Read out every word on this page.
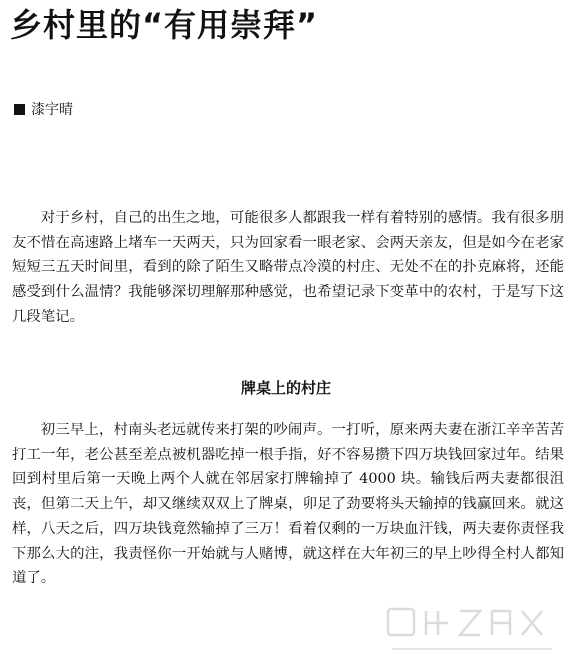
乡村里的“有用崇拜”
漆宇晴

对于乡村，自己的出生之地，可能很多人都跟我一样有着特别的感情。我有很多朋友不惜在高速路上堵车一天两天，只为回家看一眼老家、会两天亲友，但是如今在老家短短三五天时间里，看到的除了陌生又略带点冷漠的村庄、无处不在的扑克麻将，还能感受到什么温情？我能够深切理解那种感觉，也希望记录下变革中的农村，于是写下这几段笔记。

牌桌上的村庄

初三早上，村南头老远就传来打架的吵闹声。一打听，原来两夫妻在浙江辛辛苦苦打工一年，老公甚至差点被机器吃掉一根手指，好不容易攒下四万块钱回家过年。结果回到村里后第一天晚上两个人就在邻居家打牌输掉了 4000 块。输钱后两夫妻都很沮丧，但第二天上午，却又继续双双上了牌桌，卯足了劲要将头天输掉的钱赢回来。就这样，八天之后，四万块钱竟然输掉了三万！看着仅剩的一万块血汗钱，两夫妻你责怪我下那么大的注，我责怪你一开始就与人赌博，就这样在大年初三的早上吵得全村人都知道了。
